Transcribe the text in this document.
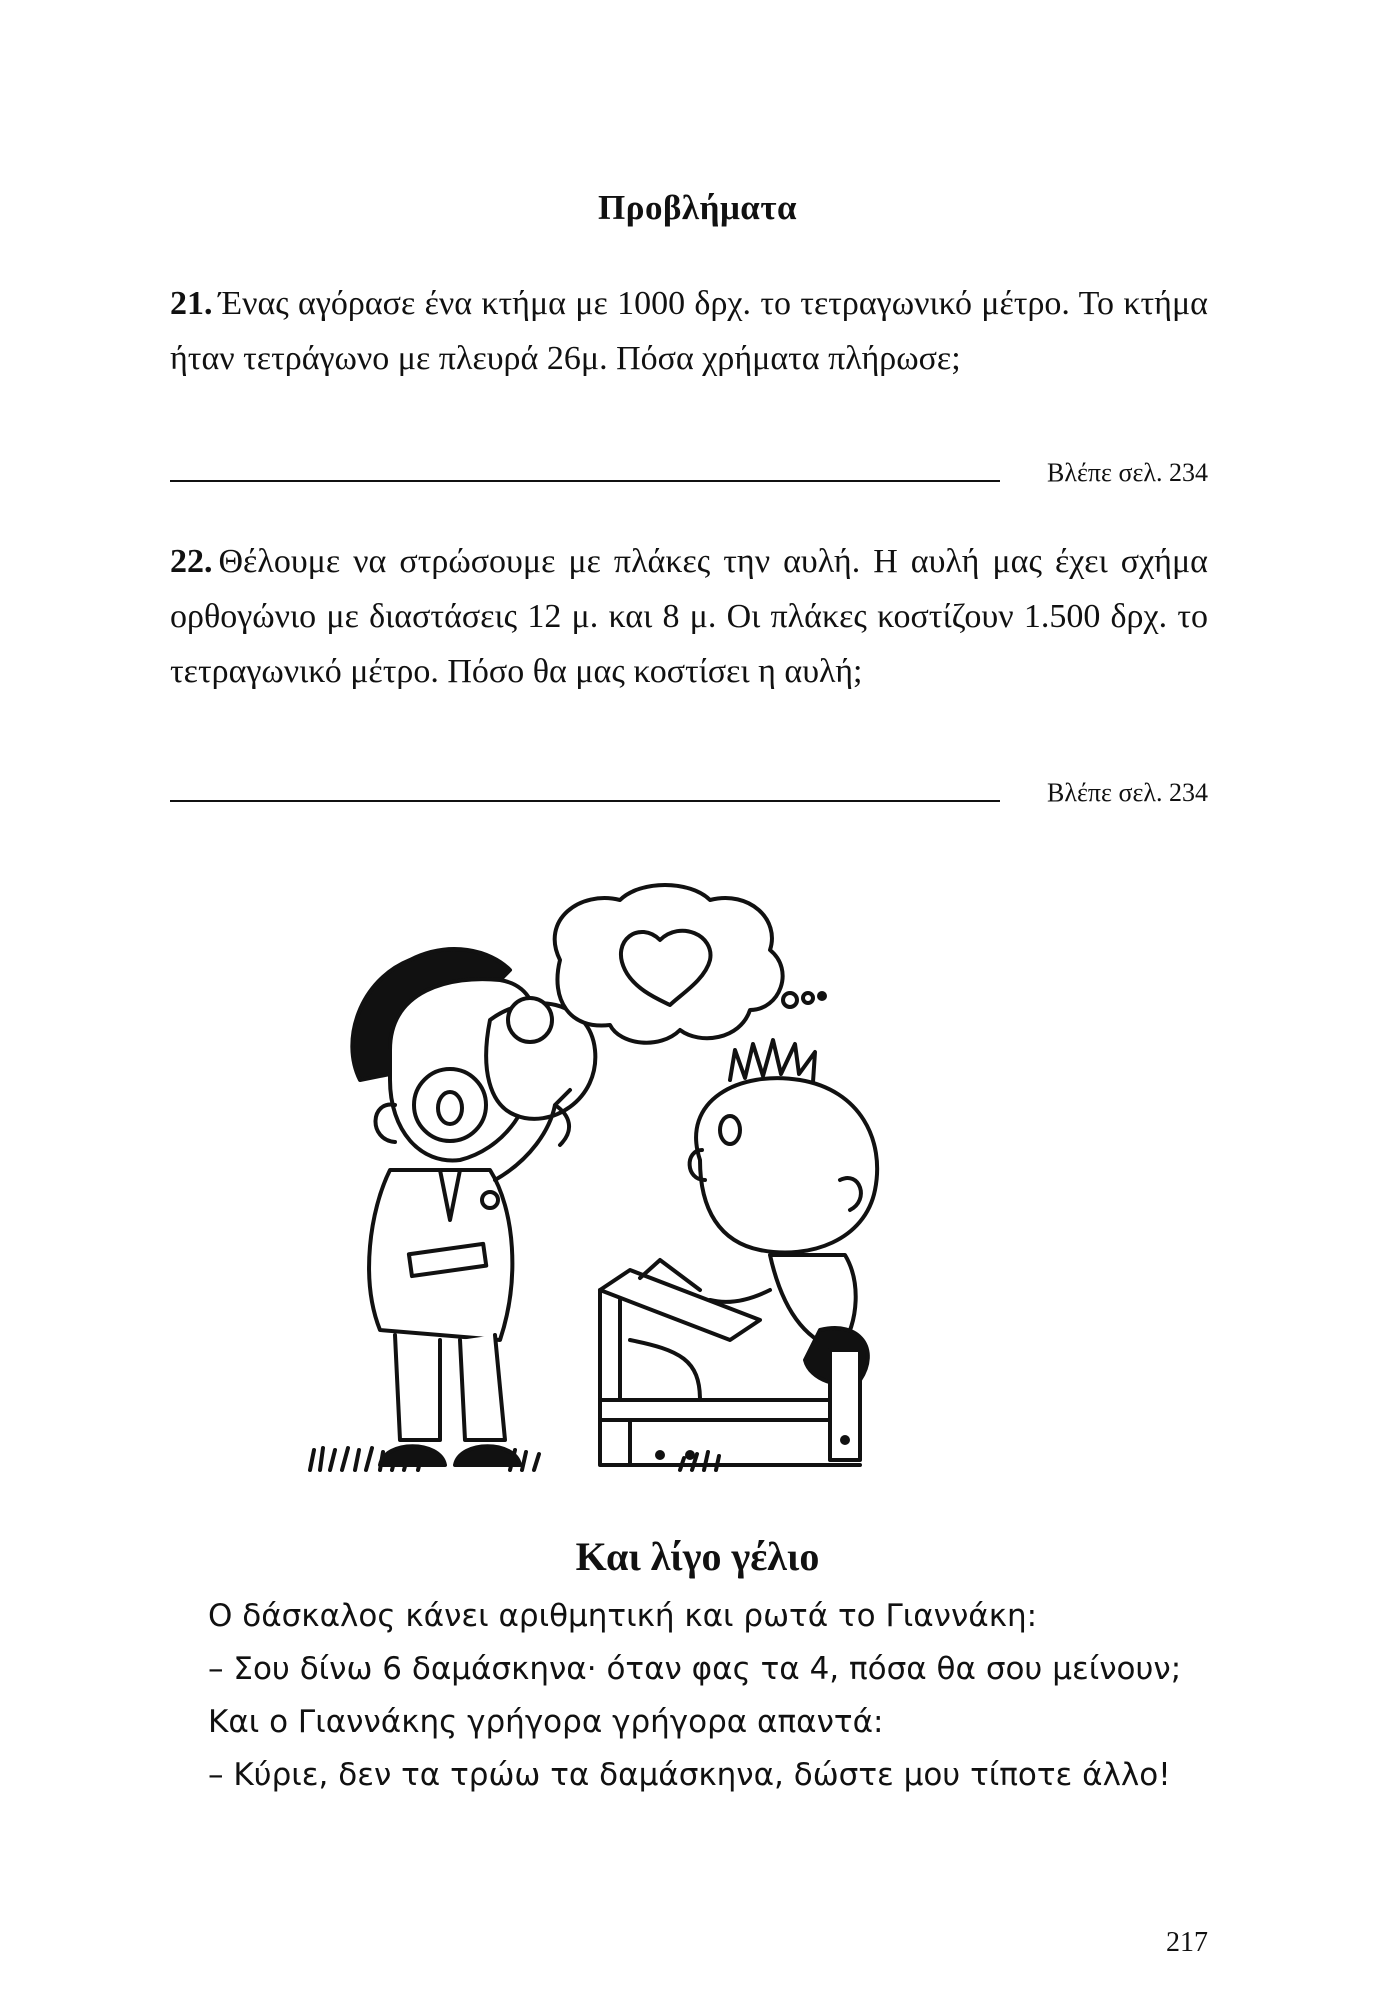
Προβλήματα
21. Ένας αγόρασε ένα κτήμα με 1000 δρχ. το τετραγωνικό μέτρο. Το κτήμα ήταν τετράγωνο με πλευρά 26μ. Πόσα χρήματα πλήρωσε;
Βλέπε σελ. 234
22. Θέλουμε να στρώσουμε με πλάκες την αυλή. Η αυλή μας έχει σχήμα ορθογώνιο με διαστάσεις 12 μ. και 8 μ. Οι πλάκες κοστίζουν 1.500 δρχ. το τετραγωνικό μέτρο. Πόσο θα μας κοστίσει η αυλή;
Βλέπε σελ. 234
Και λίγο γέλιο

Ο δάσκαλος κάνει αριθμητική και ρωτά το Γιαννάκη:

– Σου δίνω 6 δαμάσκηνα· όταν φας τα 4, πόσα θα σου μείνουν;

Και ο Γιαννάκης γρήγορα γρήγορα απαντά:

– Κύριε, δεν τα τρώω τα δαμάσκηνα, δώστε μου τίποτε άλλο!

217
